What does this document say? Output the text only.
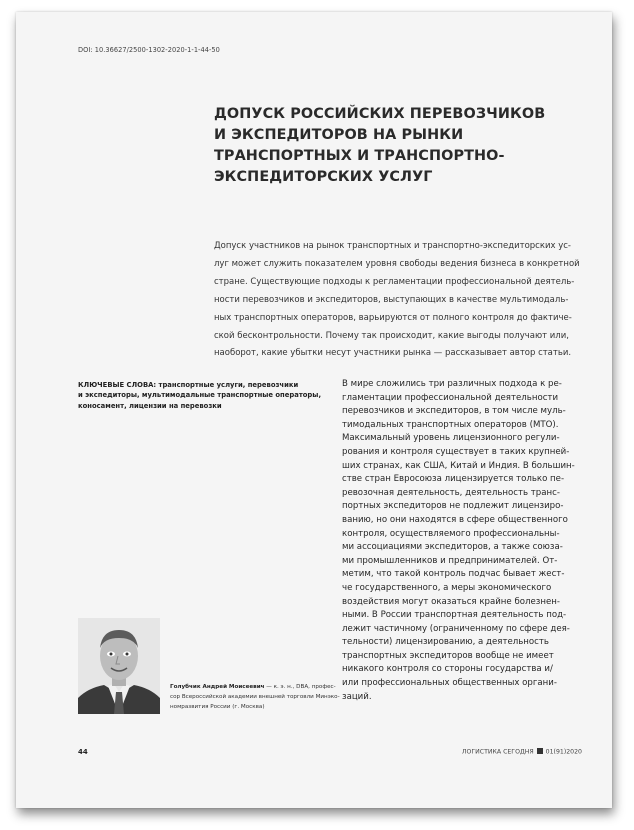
DOI: 10.36627/2500-1302-2020-1-1-44-50
ДОПУСК РОССИЙСКИХ ПЕРЕВОЗЧИКОВ
И ЭКСПЕДИТОРОВ НА РЫНКИ
ТРАНСПОРТНЫХ И ТРАНСПОРТНО-
ЭКСПЕДИТОРСКИХ УСЛУГ
Допуск участников на рынок транспортных и транспортно-экспедиторских ус-
луг может служить показателем уровня свободы ведения бизнеса в конкретной
стране. Существующие подходы к регламентации профессиональной деятель-
ности перевозчиков и экспедиторов, выступающих в качестве мультимодаль-
ных транспортных операторов, варьируются от полного контроля до фактиче-
ской бесконтрольности. Почему так происходит, какие выгоды получают или,
наоборот, какие убытки несут участники рынка — рассказывает автор статьи.
КЛЮЧЕВЫЕ СЛОВА: транспортные услуги, перевозчики
и экспедиторы, мультимодальные транспортные операторы,
коносамент, лицензии на перевозки
В мире сложились три различных подхода к ре-
гламентации профессиональной деятельности
перевозчиков и экспедиторов, в том числе муль-
тимодальных транспортных операторов (МТО).
Максимальный уровень лицензионного регули-
рования и контроля существует в таких крупней-
ших странах, как США, Китай и Индия. В большин-
стве стран Евросоюза лицензируется только пе-
ревозочная деятельность, деятельность транс-
портных экспедиторов не подлежит лицензиро-
ванию, но они находятся в сфере общественного
контроля, осуществляемого профессиональны-
ми ассоциациями экспедиторов, а также союза-
ми промышленников и предпринимателей. От-
метим, что такой контроль подчас бывает жест-
че государственного, а меры экономического
воздействия могут оказаться крайне болезнен-
ными. В России транспортная деятельность под-
лежит частичному (ограниченному по сфере дея-
тельности) лицензированию, а деятельность
транспортных экспедиторов вообще не имеет
никакого контроля со стороны государства и/
или профессиональных общественных органи-
заций.
Голубчик Андрей Моисеевич — к. э. н., DBA, профес-
сор Всероссийской академии внешней торговли Минэко-
номразвития России (г. Москва)
44	ЛОГИСТИКА СЕГОДНЯ 01(91)2020
